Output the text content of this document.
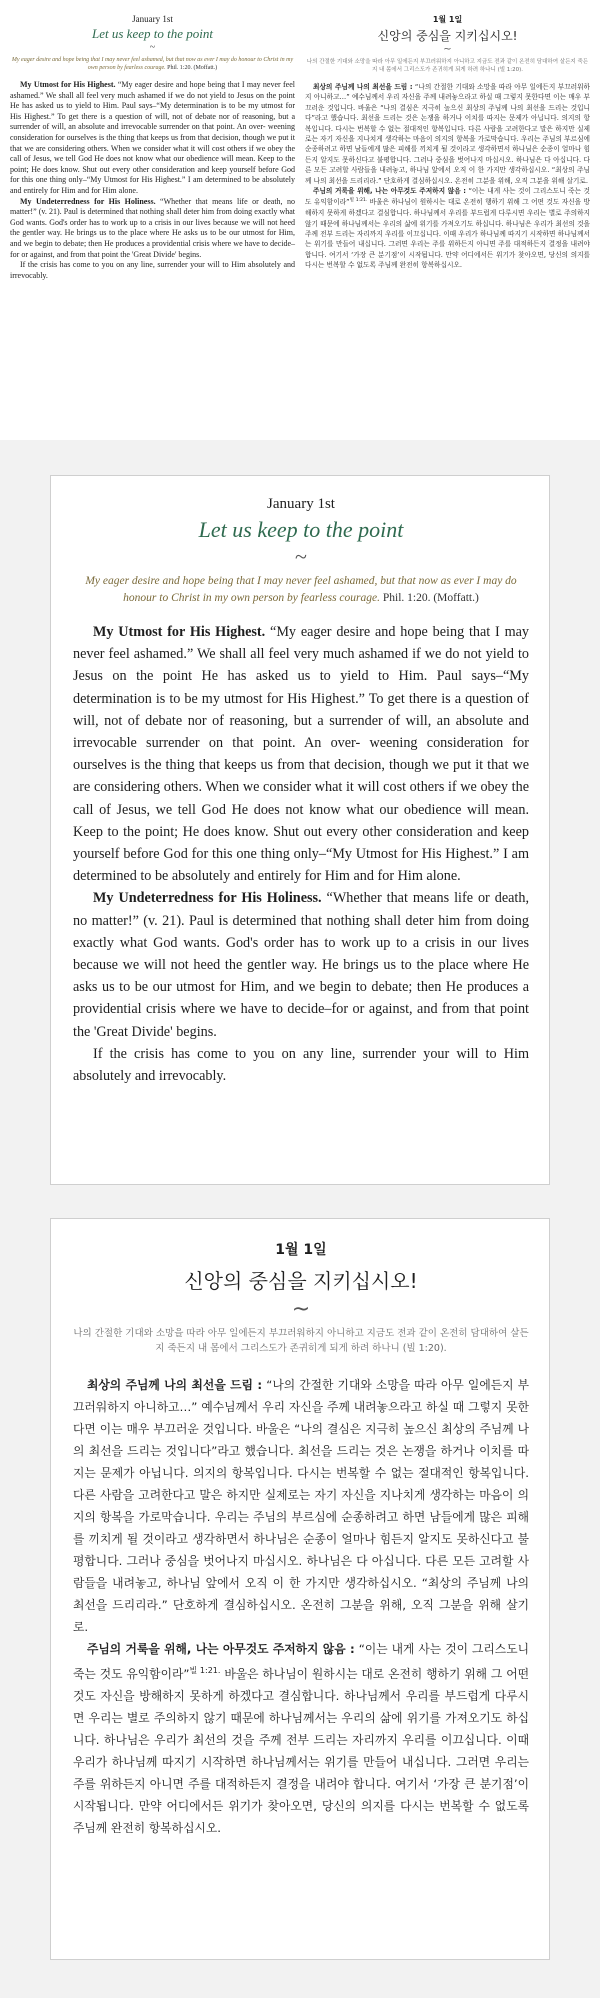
January 1st
Let us keep to the point
~
My eager desire and hope being that I may never feel ashamed, but that now as ever I may do honour to Christ in my own person by fearless courage. Phil. 1:20. (Moffatt.)
My Utmost for His Highest. “My eager desire and hope being that I may never feel ashamed.” We shall all feel very much ashamed if we do not yield to Jesus on the point He has asked us to yield to Him. Paul says–“My determination is to be my utmost for His Highest.” To get there is a question of will, not of debate nor of reasoning, but a surrender of will, an absolute and irrevocable surrender on that point. An over- weening consideration for ourselves is the thing that keeps us from that decision, though we put it that we are considering others. When we consider what it will cost others if we obey the call of Jesus, we tell God He does not know what our obedience will mean. Keep to the point; He does know. Shut out every other consideration and keep yourself before God for this one thing only–“My Utmost for His Highest.” I am determined to be absolutely and entirely for Him and for Him alone.
My Undeterredness for His Holiness. “Whether that means life or death, no matter!” (v. 21). Paul is determined that nothing shall deter him from doing exactly what God wants. God's order has to work up to a crisis in our lives because we will not heed the gentler way. He brings us to the place where He asks us to be our utmost for Him, and we begin to debate; then He produces a providential crisis where we have to decide–for or against, and from that point the 'Great Divide' begins.
If the crisis has come to you on any line, surrender your will to Him absolutely and irrevocably.
1월 1일
신앙의 중심을 지키십시오!
~
나의 간절한 기대와 소망을 따라 아무 일에든지 부끄러워하지 아니하고 지금도 전과 같이 온전히 담대하여 살든지 죽든지 내 몸에서 그리스도가 존귀히게 되게 하려 하나니 (빌 1:20).
최상의 주님께 나의 최선을 드림 : “나의 간절한 기대와 소망을 따라 아무 일에든지 부끄러워하지 아니하고…” 예수님께서 우리 자신을 주께 내려놓으라고 하실 때 그렇지 못한다면 이는 매우 부끄러운 것입니다. 바울은 “나의 결심은 지극히 높으신 최상의 주님께 나의 최선을 드리는 것입니다”라고 했습니다. 최선을 드리는 것은 논쟁을 하거나 이치를 따지는 문제가 아닙니다. 의지의 항복입니다. 다시는 번복할 수 없는 절대적인 항복입니다. 다른 사람을 고려한다고 말은 하지만 실제로는 자기 자신을 지나치게 생각하는 마음이 의지의 항복을 가로막습니다. 우리는 주님의 부르심에 순종하려고 하면 남들에게 많은 피해를 끼치게 될 것이라고 생각하면서 하나님은 순종이 얼마나 힘든지 알지도 못하신다고 불평합니다. 그러나 중심을 벗어나지 마십시오. 하나님은 다 아십니다. 다른 모든 고려할 사람들을 내려놓고, 하나님 앞에서 오직 이 한 가지만 생각하십시오. “최상의 주님께 나의 최선을 드리리라.” 단호하게 결심하십시오. 온전히 그분을 위해, 오직 그분을 위해 살기로.
주님의 거룩을 위해, 나는 아무것도 주저하지 않음 : “이는 내게 사는 것이 그리스도니 죽는 것도 유익함이라”$^{빌 1:21.}$ 바울은 하나님이 원하시는 대로 온전히 행하기 위해 그 어떤 것도 자신을 방해하지 못하게 하겠다고 결심합니다. 하나님께서 우리를 부드럽게 다루시면 우리는 별로 주의하지 않기 때문에 하나님께서는 우리의 삶에 위기를 가져오기도 하십니다. 하나님은 우리가 최선의 것을 주께 전부 드리는 자리까지 우리를 이끄십니다. 이때 우리가 하나님께 따지기 시작하면 하나님께서는 위기를 만들어 내십니다. 그러면 우리는 주를 위하든지 아니면 주를 대적하든지 결정을 내려야 합니다. 여기서 ‘가장 큰 분기점’이 시작됩니다. 만약 어디에서든 위기가 찾아오면, 당신의 의지를 다시는 번복할 수 없도록 주님께 완전히 항복하십시오.
January 1st
Let us keep to the point
~
My eager desire and hope being that I may never feel ashamed, but that now as ever I may do honour to Christ in my own person by fearless courage. Phil. 1:20. (Moffatt.)
My Utmost for His Highest. “My eager desire and hope being that I may never feel ashamed.” We shall all feel very much ashamed if we do not yield to Jesus on the point He has asked us to yield to Him. Paul says–“My determination is to be my utmost for His Highest.” To get there is a question of will, not of debate nor of reasoning, but a surrender of will, an absolute and irrevocable surrender on that point. An over- weening consideration for ourselves is the thing that keeps us from that decision, though we put it that we are considering others. When we consider what it will cost others if we obey the call of Jesus, we tell God He does not know what our obedience will mean. Keep to the point; He does know. Shut out every other consideration and keep yourself before God for this one thing only–“My Utmost for His Highest.” I am determined to be absolutely and entirely for Him and for Him alone.
My Undeterredness for His Holiness. “Whether that means life or death, no matter!” (v. 21). Paul is determined that nothing shall deter him from doing exactly what God wants. God's order has to work up to a crisis in our lives because we will not heed the gentler way. He brings us to the place where He asks us to be our utmost for Him, and we begin to debate; then He produces a providential crisis where we have to decide–for or against, and from that point the 'Great Divide' begins.
If the crisis has come to you on any line, surrender your will to Him absolutely and irrevocably.
1월 1일
신앙의 중심을 지키십시오!
~
나의 간절한 기대와 소망을 따라 아무 일에든지 부끄러워하지 아니하고 지금도 전과 같이 온전히 담대하여 살든지 죽든지 내 몸에서 그리스도가 존귀히게 되게 하려 하나니 (빌 1:20).
최상의 주님께 나의 최선을 드림 : “나의 간절한 기대와 소망을 따라 아무 일에든지 부끄러워하지 아니하고…” 예수님께서 우리 자신을 주께 내려놓으라고 하실 때 그렇지 못한다면 이는 매우 부끄러운 것입니다. 바울은 “나의 결심은 지극히 높으신 최상의 주님께 나의 최선을 드리는 것입니다”라고 했습니다. 최선을 드리는 것은 논쟁을 하거나 이치를 따지는 문제가 아닙니다. 의지의 항복입니다. 다시는 번복할 수 없는 절대적인 항복입니다. 다른 사람을 고려한다고 말은 하지만 실제로는 자기 자신을 지나치게 생각하는 마음이 의지의 항복을 가로막습니다. 우리는 주님의 부르심에 순종하려고 하면 남들에게 많은 피해를 끼치게 될 것이라고 생각하면서 하나님은 순종이 얼마나 힘든지 알지도 못하신다고 불평합니다. 그러나 중심을 벗어나지 마십시오. 하나님은 다 아십니다. 다른 모든 고려할 사람들을 내려놓고, 하나님 앞에서 오직 이 한 가지만 생각하십시오. “최상의 주님께 나의 최선을 드리리라.” 단호하게 결심하십시오. 온전히 그분을 위해, 오직 그분을 위해 살기로.
주님의 거룩을 위해, 나는 아무것도 주저하지 않음 : “이는 내게 사는 것이 그리스도니 죽는 것도 유익함이라”$^{빌 1:21.}$ 바울은 하나님이 원하시는 대로 온전히 행하기 위해 그 어떤 것도 자신을 방해하지 못하게 하겠다고 결심합니다. 하나님께서 우리를 부드럽게 다루시면 우리는 별로 주의하지 않기 때문에 하나님께서는 우리의 삶에 위기를 가져오기도 하십니다. 하나님은 우리가 최선의 것을 주께 전부 드리는 자리까지 우리를 이끄십니다. 이때 우리가 하나님께 따지기 시작하면 하나님께서는 위기를 만들어 내십니다. 그러면 우리는 주를 위하든지 아니면 주를 대적하든지 결정을 내려야 합니다. 여기서 ‘가장 큰 분기점’이 시작됩니다. 만약 어디에서든 위기가 찾아오면, 당신의 의지를 다시는 번복할 수 없도록 주님께 완전히 항복하십시오.
